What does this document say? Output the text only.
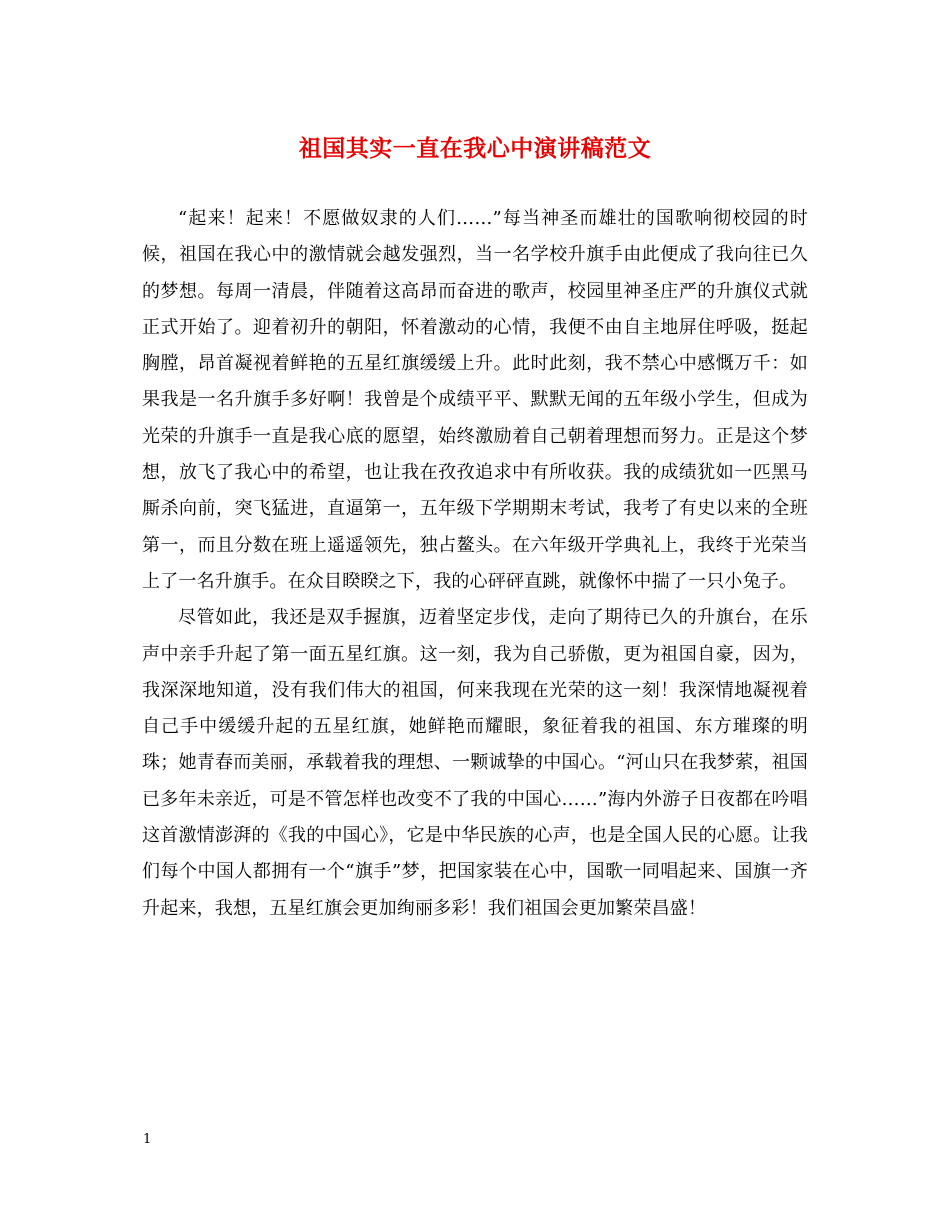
祖国其实一直在我心中演讲稿范文

“起来！起来！不愿做奴隶的人们……”每当神圣而雄壮的国歌响彻校园的时候，祖国在我心中的激情就会越发强烈，当一名学校升旗手由此便成了我向往已久的梦想。每周一清晨，伴随着这高昂而奋进的歌声，校园里神圣庄严的升旗仪式就正式开始了。迎着初升的朝阳，怀着激动的心情，我便不由自主地屏住呼吸，挺起胸膛，昂首凝视着鲜艳的五星红旗缓缓上升。此时此刻，我不禁心中感慨万千：如果我是一名升旗手多好啊！我曾是个成绩平平、默默无闻的五年级小学生，但成为光荣的升旗手一直是我心底的愿望，始终激励着自己朝着理想而努力。正是这个梦想，放飞了我心中的希望，也让我在孜孜追求中有所收获。我的成绩犹如一匹黑马厮杀向前，突飞猛进，直逼第一，五年级下学期期末考试，我考了有史以来的全班第一，而且分数在班上遥遥领先，独占鳌头。在六年级开学典礼上，我终于光荣当上了一名升旗手。在众目睽睽之下，我的心砰砰直跳，就像怀中揣了一只小兔子。

尽管如此，我还是双手握旗，迈着坚定步伐，走向了期待已久的升旗台，在乐声中亲手升起了第一面五星红旗。这一刻，我为自己骄傲，更为祖国自豪，因为，我深深地知道，没有我们伟大的祖国，何来我现在光荣的这一刻！我深情地凝视着自己手中缓缓升起的五星红旗，她鲜艳而耀眼，象征着我的祖国、东方璀璨的明珠；她青春而美丽，承载着我的理想、一颗诚挚的中国心。“河山只在我梦萦，祖国已多年未亲近，可是不管怎样也改变不了我的中国心……”海内外游子日夜都在吟唱这首激情澎湃的《我的中国心》，它是中华民族的心声，也是全国人民的心愿。让我们每个中国人都拥有一个“旗手”梦，把国家装在心中，国歌一同唱起来、国旗一齐升起来，我想，五星红旗会更加绚丽多彩！我们祖国会更加繁荣昌盛！

1
